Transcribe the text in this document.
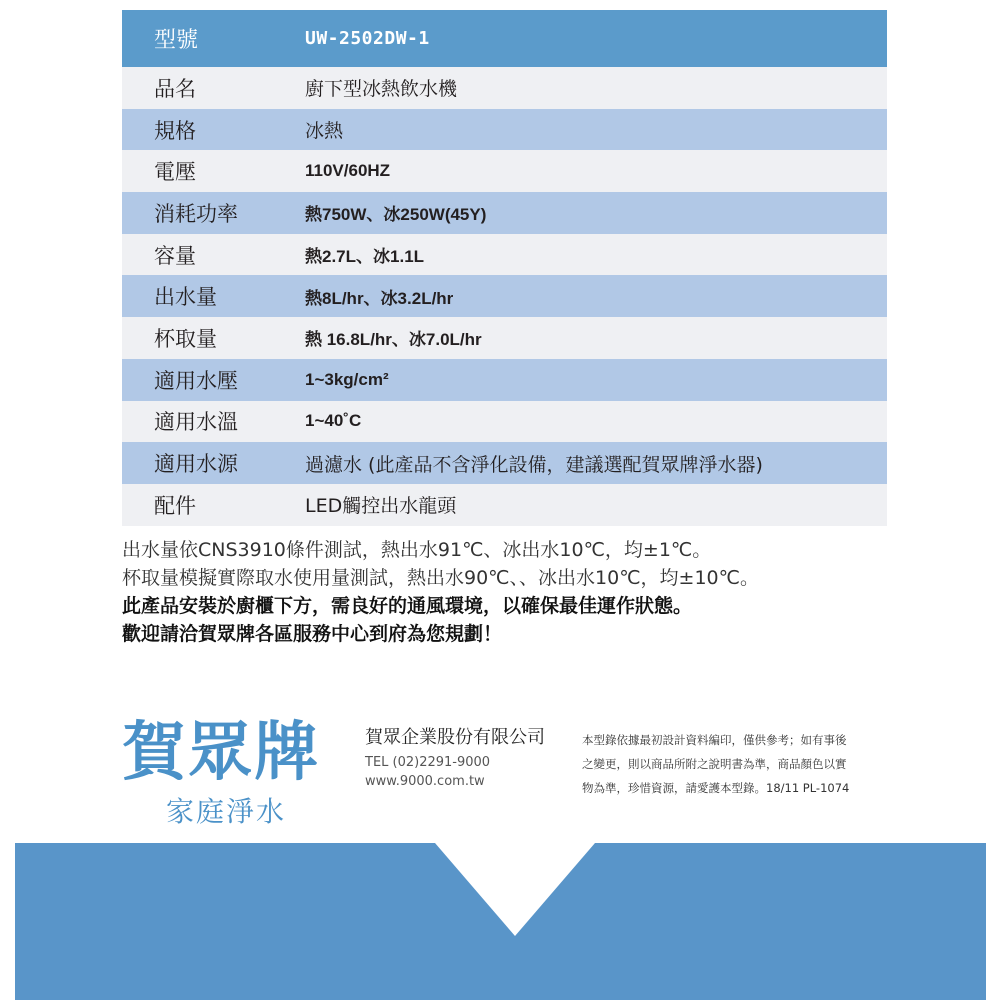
型號	UW-2502DW-1
品名	廚下型冰熱飲水機
規格	冰熱
電壓	110V/60HZ
消耗功率	熱750W、冰250W(45Y)
容量	熱2.7L、冰1.1L
出水量	熱8L/hr、冰3.2L/hr
杯取量	熱 16.8L/hr、冰7.0L/hr
適用水壓	1~3kg/cm²
適用水溫	1~40˚C
適用水源	過濾水 (此產品不含淨化設備，建議選配賀眾牌淨水器)
配件	LED觸控出水龍頭

出水量依CNS3910條件測試，熱出水91℃、冰出水10℃，均±1℃。

杯取量模擬實際取水使用量測試，熱出水90℃、、冰出水10℃，均±10℃。

此產品安裝於廚櫃下方，需良好的通風環境，以確保最佳運作狀態。

歡迎請洽賀眾牌各區服務中心到府為您規劃！

賀眾牌
家庭淨水
賀眾企業股份有限公司
TEL (02)2291-9000
www.9000.com.tw
本型錄依據最初設計資料編印，僅供參考；如有事後
之變更，則以商品所附之說明書為準，商品顏色以實
物為準，珍惜資源，請愛護本型錄。18/11 PL-1074
